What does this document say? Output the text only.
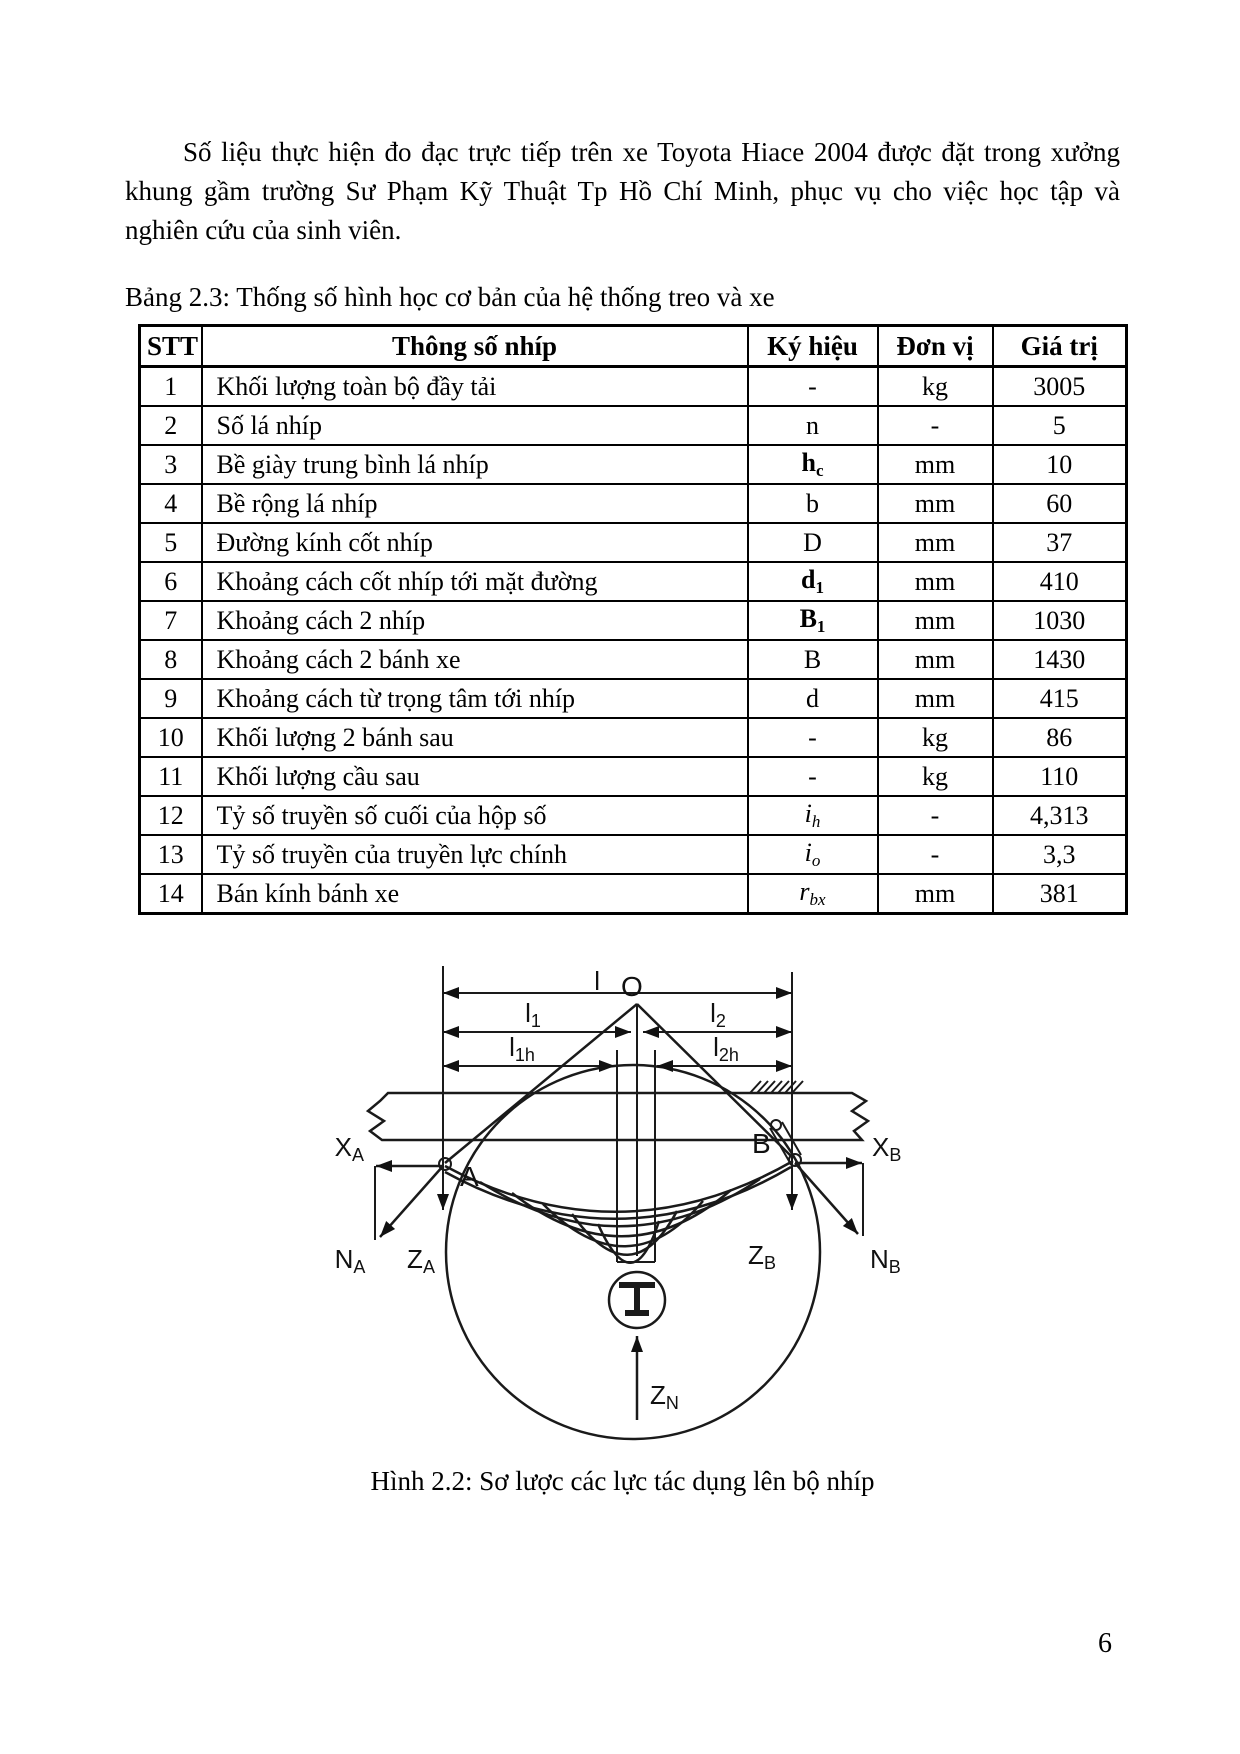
Số liệu thực hiện đo đạc trực tiếp trên xe Toyota Hiace 2004 được đặt trong xưởng khung gầm trường Sư Phạm Kỹ Thuật Tp Hồ Chí Minh, phục vụ cho việc học tập và nghiên cứu của sinh viên.
Bảng 2.3: Thống số hình học cơ bản của hệ thống treo và xe
STT	Thông số nhíp	Ký hiệu	Đơn vị	Giá trị
1	Khối lượng toàn bộ đầy tải	-	kg	3005
2	Số lá nhíp	n	-	5
3	Bề giày trung bình lá nhíp	$h_c$	mm	10
4	Bề rộng lá nhíp	b	mm	60
5	Đường kính cốt nhíp	D	mm	37
6	Khoảng cách cốt nhíp tới mặt đường	$d_1$	mm	410
7	Khoảng cách 2 nhíp	$B_1$	mm	1030
8	Khoảng cách 2 bánh xe	B	mm	1430
9	Khoảng cách từ trọng tâm tới nhíp	d	mm	415
10	Khối lượng 2 bánh sau	-	kg	86
11	Khối lượng cầu sau	-	kg	110
12	Tỷ số truyền số cuối của hộp số	$i_h$	-	4,313
13	Tỷ số truyền của truyền lực chính	$i_o$	-	3,3
14	Bán kính bánh xe	$r_{bx}$	mm	381
l O
l1	l2
l1h	l2h
XA
NA ZA
A
XB
NB
ZB
B
ZN
Hình 2.2: Sơ lược các lực tác dụng lên bộ nhíp
6
